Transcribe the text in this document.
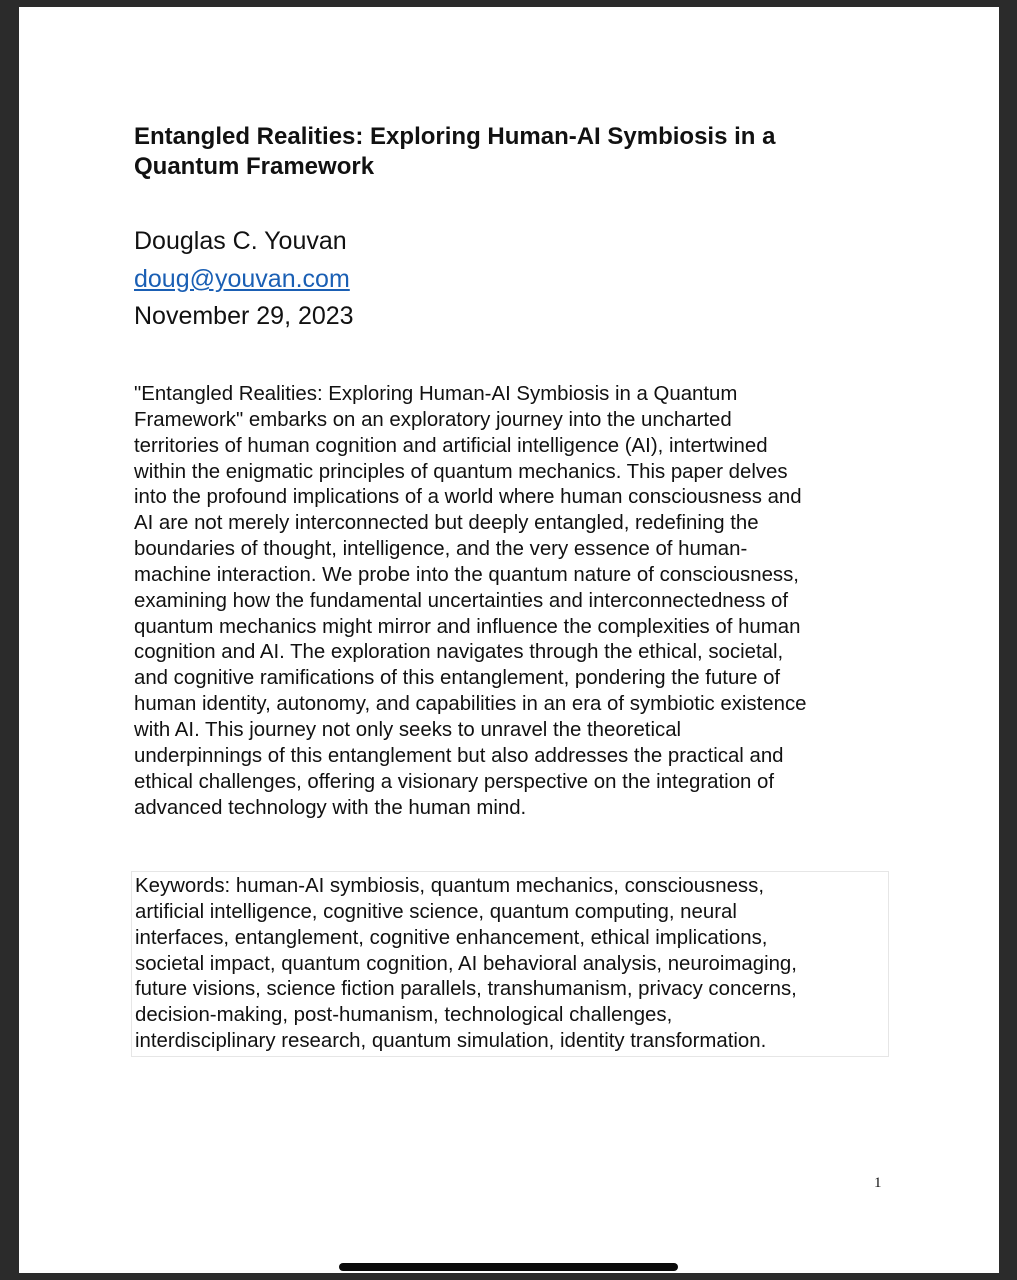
Entangled Realities: Exploring Human-AI Symbiosis in a
Quantum Framework

Douglas C. Youvan

doug@youvan.com

November 29, 2023

"Entangled Realities: Exploring Human-AI Symbiosis in a Quantum
Framework" embarks on an exploratory journey into the uncharted
territories of human cognition and artificial intelligence (AI), intertwined
within the enigmatic principles of quantum mechanics. This paper delves
into the profound implications of a world where human consciousness and
AI are not merely interconnected but deeply entangled, redefining the
boundaries of thought, intelligence, and the very essence of human-
machine interaction. We probe into the quantum nature of consciousness,
examining how the fundamental uncertainties and interconnectedness of
quantum mechanics might mirror and influence the complexities of human
cognition and AI. The exploration navigates through the ethical, societal,
and cognitive ramifications of this entanglement, pondering the future of
human identity, autonomy, and capabilities in an era of symbiotic existence
with AI. This journey not only seeks to unravel the theoretical
underpinnings of this entanglement but also addresses the practical and
ethical challenges, offering a visionary perspective on the integration of
advanced technology with the human mind.

Keywords: human-AI symbiosis, quantum mechanics, consciousness,
artificial intelligence, cognitive science, quantum computing, neural
interfaces, entanglement, cognitive enhancement, ethical implications,
societal impact, quantum cognition, AI behavioral analysis, neuroimaging,
future visions, science fiction parallels, transhumanism, privacy concerns,
decision-making, post-humanism, technological challenges,
interdisciplinary research, quantum simulation, identity transformation.

1
